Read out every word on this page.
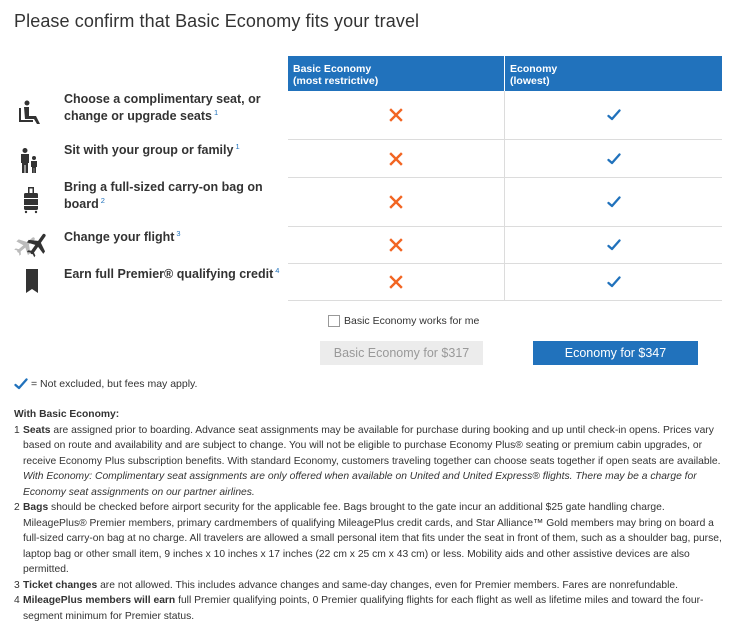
Please confirm that Basic Economy fits your travel
Choose a complimentary seat, or change or upgrade seats $^1$
Sit with your group or family $^1$
Bring a full-sized carry-on bag on board $^2$
Change your flight $^3$
Earn full Premier® qualifying credit $^4$
Basic Economy
(most restrictive)
Economy
(lowest)
Basic Economy works for me
Basic Economy for $317	Economy for $347
= Not excluded, but fees may apply.
With Basic Economy:
1 Seats are assigned prior to boarding. Advance seat assignments may be available for purchase during booking and up until check-in opens. Prices vary based on route and availability and are subject to change. You will not be eligible to purchase Economy Plus® seating or premium cabin upgrades, or receive Economy Plus subscription benefits. With standard Economy, customers traveling together can choose seats together if open seats are available. With Economy: Complimentary seat assignments are only offered when available on United and United Express® flights. There may be a charge for Economy seat assignments on our partner airlines.
2 Bags should be checked before airport security for the applicable fee. Bags brought to the gate incur an additional $25 gate handling charge. MileagePlus® Premier members, primary cardmembers of qualifying MileagePlus credit cards, and Star Alliance™ Gold members may bring on board a full-sized carry-on bag at no charge. All travelers are allowed a small personal item that fits under the seat in front of them, such as a shoulder bag, purse, laptop bag or other small item, 9 inches x 10 inches x 17 inches (22 cm x 25 cm x 43 cm) or less. Mobility aids and other assistive devices are also permitted.
3 Ticket changes are not allowed. This includes advance changes and same-day changes, even for Premier members. Fares are nonrefundable.
4 MileagePlus members will earn full Premier qualifying points, 0 Premier qualifying flights for each flight as well as lifetime miles and toward the four-segment minimum for Premier status.
